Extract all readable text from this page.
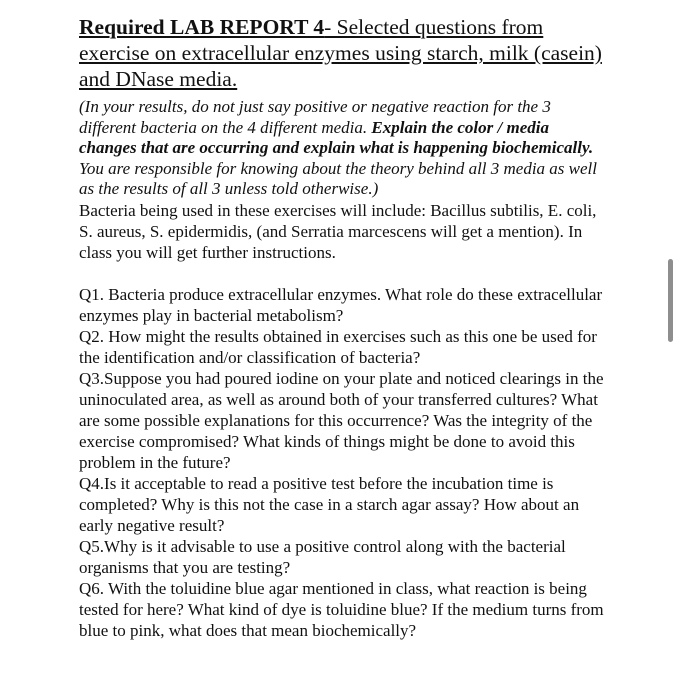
Required LAB REPORT 4- Selected questions from exercise on extracellular enzymes using starch, milk (casein) and DNase media.

(In your results, do not just say positive or negative reaction for the 3 different bacteria on the 4 different media. Explain the color / media changes that are occurring and explain what is happening biochemically. You are responsible for knowing about the theory behind all 3 media as well as the results of all 3 unless told otherwise.)

Bacteria being used in these exercises will include: Bacillus subtilis, E. coli, S. aureus, S. epidermidis, (and Serratia marcescens will get a mention). In class you will get further instructions.

Q1. Bacteria produce extracellular enzymes. What role do these extracellular enzymes play in bacterial metabolism?

Q2. How might the results obtained in exercises such as this one be used for the identification and/or classification of bacteria?

Q3.Suppose you had poured iodine on your plate and noticed clearings in the uninoculated area, as well as around both of your transferred cultures? What are some possible explanations for this occurrence? Was the integrity of the exercise compromised? What kinds of things might be done to avoid this problem in the future?

Q4.Is it acceptable to read a positive test before the incubation time is completed? Why is this not the case in a starch agar assay? How about an early negative result?

Q5.Why is it advisable to use a positive control along with the bacterial organisms that you are testing?

Q6. With the toluidine blue agar mentioned in class, what reaction is being tested for here? What kind of dye is toluidine blue? If the medium turns from blue to pink, what does that mean biochemically?
